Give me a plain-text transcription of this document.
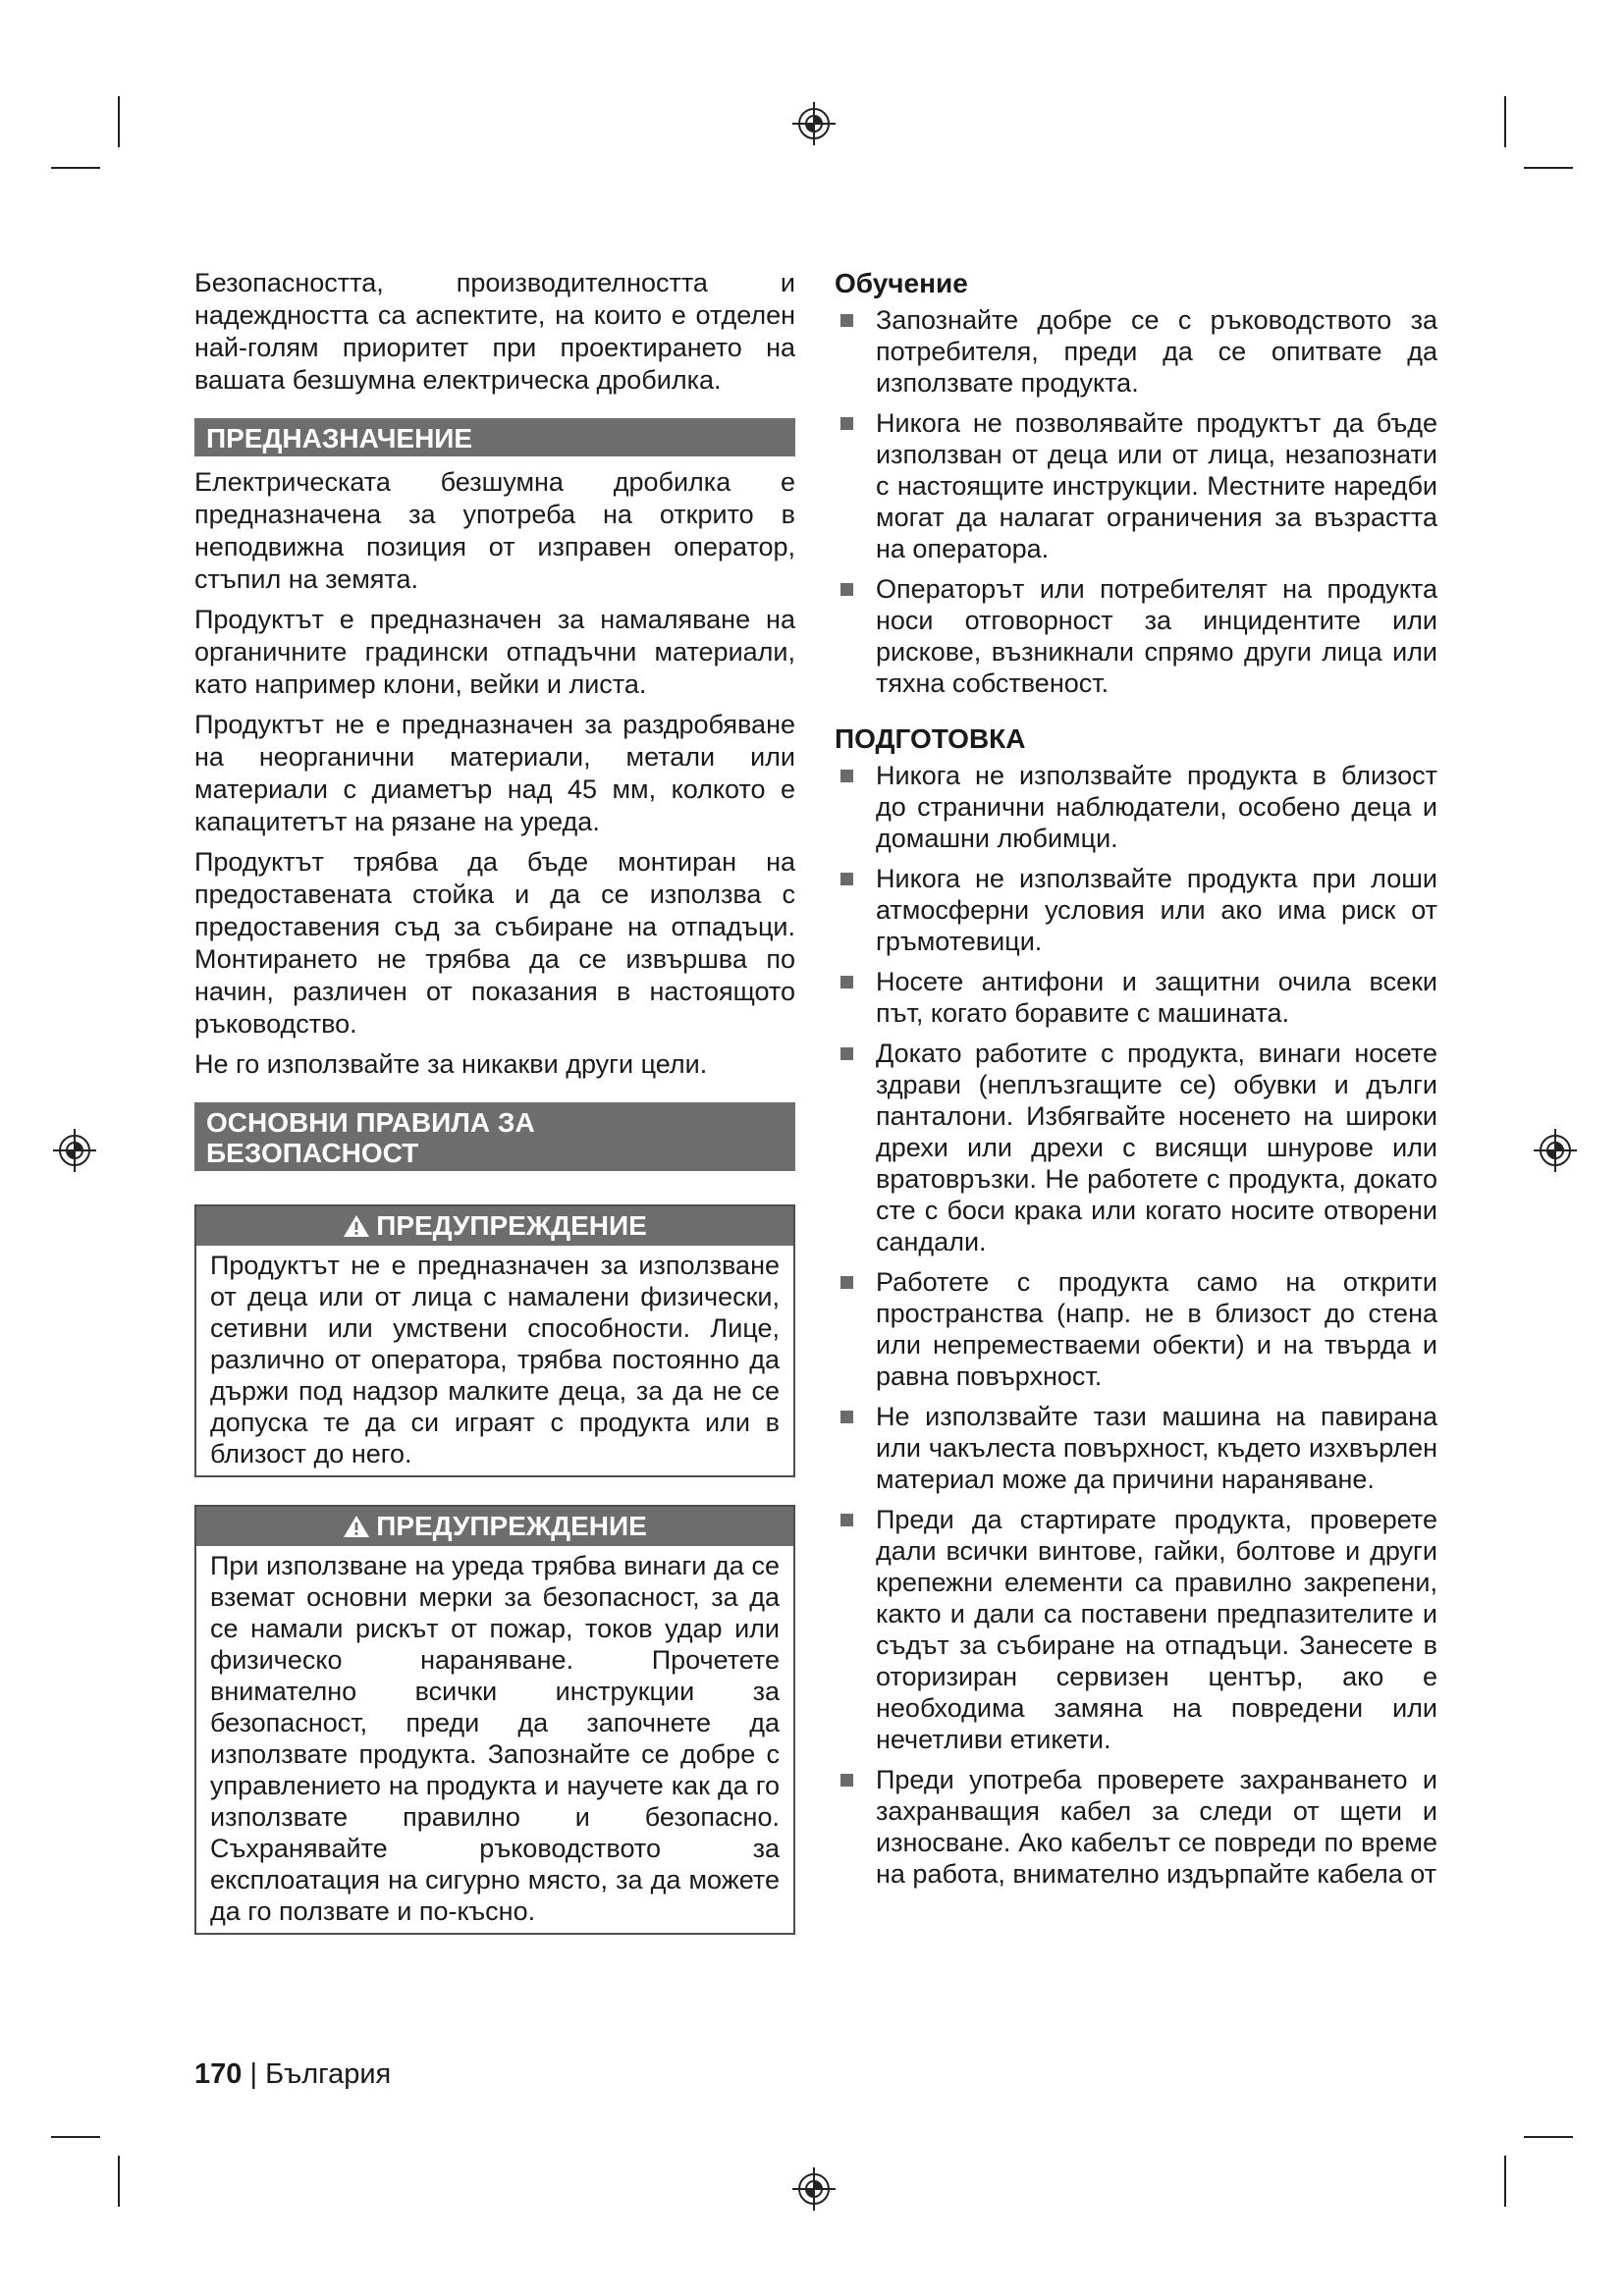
Безопасността, производителността и надеждността са аспектите, на които е отделен най-голям приоритет при проектирането на вашата безшумна електрическа дробилка.

ПРЕДНАЗНАЧЕНИЕ

Електрическата безшумна дробилка е предназначена за употреба на открито в неподвижна позиция от изправен оператор, стъпил на земята.

Продуктът е предназначен за намаляване на органичните градински отпадъчни материали, като например клони, вейки и листа.

Продуктът не е предназначен за раздробяване на неорганични материали, метали или материали с диаметър над 45 мм, колкото е капацитетът на рязане на уреда.

Продуктът трябва да бъде монтиран на предоставената стойка и да се използва с предоставения съд за събиране на отпадъци. Монтирането не трябва да се извършва по начин, различен от показания в настоящото ръководство.

Не го използвайте за никакви други цели.

ОСНОВНИ ПРАВИЛА ЗА
БЕЗОПАСНОСТ
ПРЕДУПРЕЖДЕНИЕ
Продуктът не е предназначен за използване от деца или от лица с намалени физически, сетивни или умствени способности. Лице, различно от оператора, трябва постоянно да държи под надзор малките деца, за да не се допуска те да си играят с продукта или в близост до него.
ПРЕДУПРЕЖДЕНИЕ
При използване на уреда трябва винаги да се вземат основни мерки за безопасност, за да се намали рискът от пожар, токов удар или физическо нараняване. Прочетете внимателно всички инструкции за безопасност, преди да започнете да използвате продукта. Запознайте се добре с управлението на продукта и научете как да го използвате правилно и безопасно. Съхранявайте ръководството за експлоатация на сигурно място, за да можете да го ползвате и по-късно.
Обучение
Запознайте добре се с ръководството за потребителя, преди да се опитвате да използвате продукта.
Никога не позволявайте продуктът да бъде използван от деца или от лица, незапознати с настоящите инструкции. Местните наредби могат да налагат ограничения за възрастта на оператора.
Операторът или потребителят на продукта носи отговорност за инцидентите или рискове, възникнали спрямо други лица или тяхна собственост.
ПОДГОТОВКА
Никога не използвайте продукта в близост до странични наблюдатели, особено деца и домашни любимци.
Никога не използвайте продукта при лоши атмосферни условия или ако има риск от гръмотевици.
Носете антифони и защитни очила всеки път, когато боравите с машината.
Докато работите с продукта, винаги носете здрави (неплъзгащите се) обувки и дълги панталони. Избягвайте носенето на широки дрехи или дрехи с висящи шнурове или вратовръзки. Не работете с продукта, докато сте с боси крака или когато носите отворени сандали.
Работете с продукта само на открити пространства (напр. не в близост до стена или непреместваеми обекти) и на твърда и равна повърхност.
Не използвайте тази машина на павирана или чакълеста повърхност, където изхвърлен материал може да причини нараняване.
Преди да стартирате продукта, проверете дали всички винтове, гайки, болтове и други крепежни елементи са правилно закрепени, както и дали са поставени предпазителите и съдът за събиране на отпадъци. Занесете в оторизиран сервизен център, ако е необходима замяна на повредени или нечетливи етикети.
Преди употреба проверете захранването и захранващия кабел за следи от щети и износване. Ако кабелът се повреди по време на работа, внимателно издърпайте кабела от
170 | България
